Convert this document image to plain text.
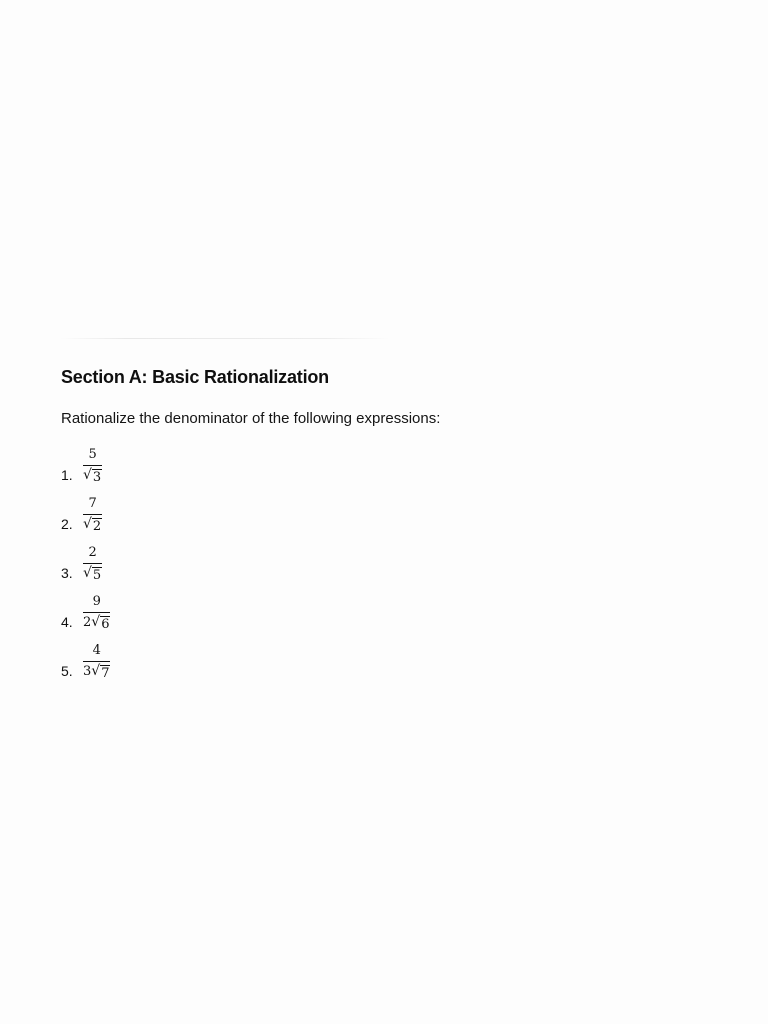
Section A: Basic Rationalization

Rationalize the denominator of the following expressions:

1. $\frac{5}{√ 3}$
2. $\frac{7}{√ 2}$
3. $\frac{2}{√ 5}$
4. $\frac{9}{2 √ 6}$
5. $\frac{4}{3 √ 7}$
